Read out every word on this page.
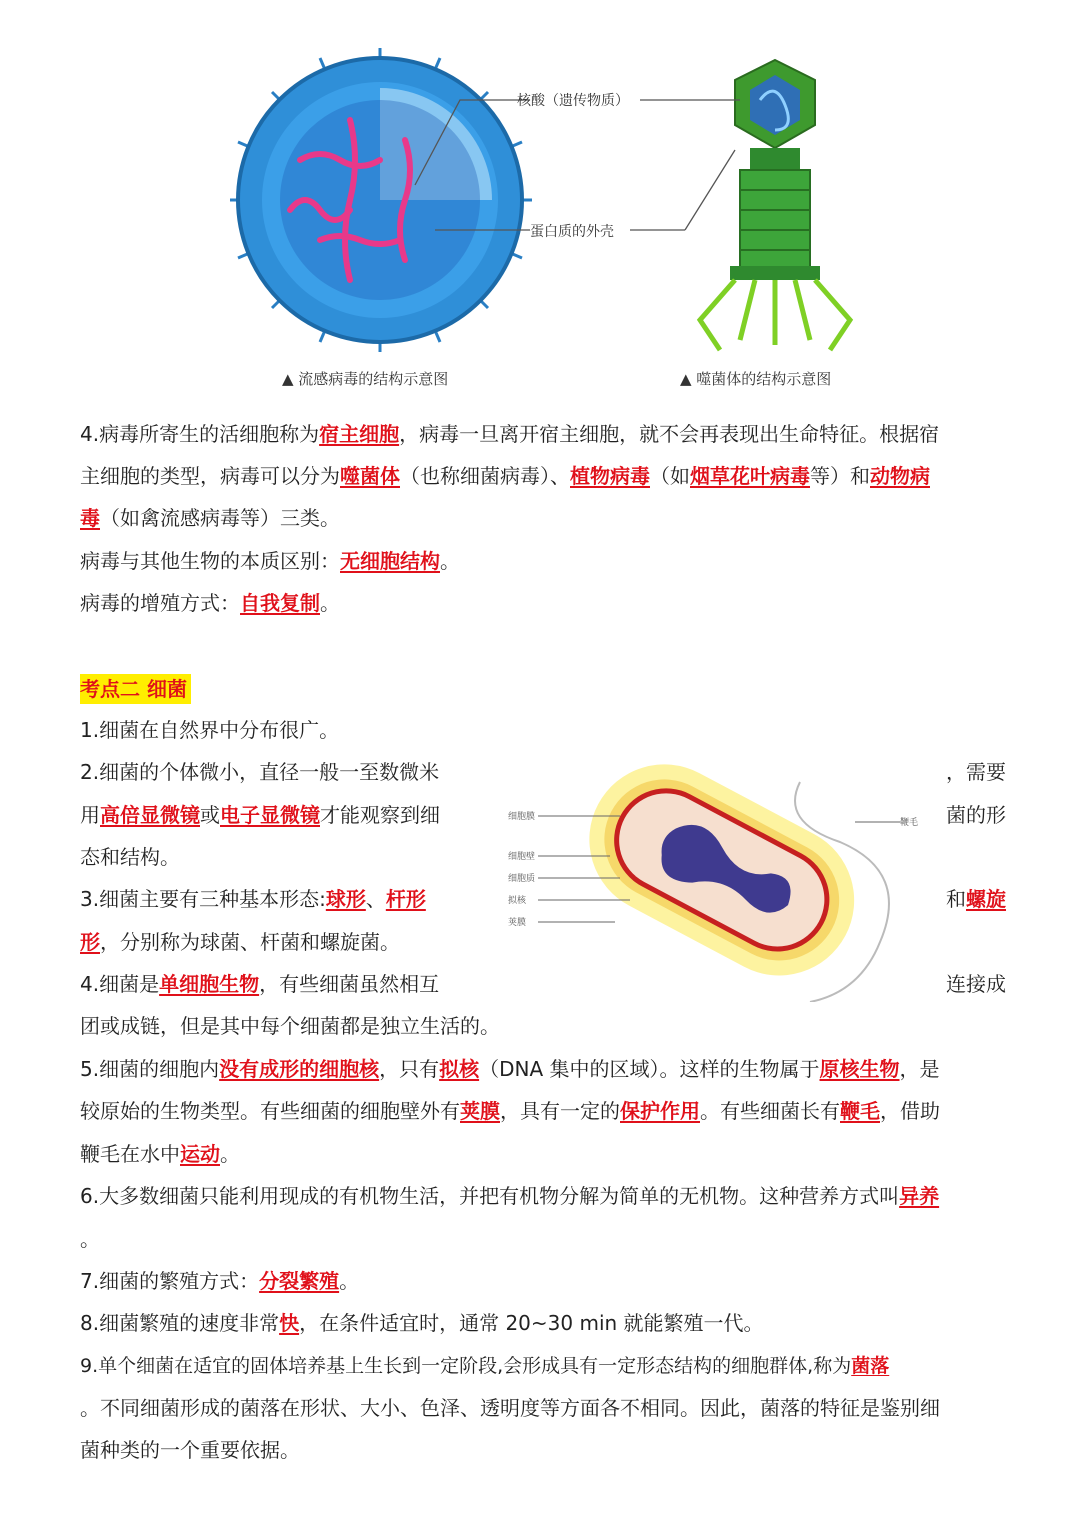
核酸（遗传物质）
蛋白质的外壳
▲ 流感病毒的结构示意图	▲ 噬菌体的结构示意图
4.病毒所寄生的活细胞称为宿主细胞，病毒一旦离开宿主细胞，就不会再表现出生命特征。根据宿
主细胞的类型，病毒可以分为噬菌体（也称细菌病毒）、植物病毒（如烟草花叶病毒等）和动物病
毒（如禽流感病毒等）三类。
病毒与其他生物的本质区别：无细胞结构。
病毒的增殖方式：自我复制。
考点二 细菌
1.细菌在自然界中分布很广。
细胞膜
细胞壁
细胞质
拟核
荚膜
鞭毛
2.细菌的个体微小，直径一般一至数微米	，需要
用高倍显微镜或电子显微镜才能观察到细	菌的形
态和结构。
3.细菌主要有三种基本形态:球形、杆形	和螺旋
形，分别称为球菌、杆菌和螺旋菌。
4.细菌是单细胞生物，有些细菌虽然相互	连接成
团或成链，但是其中每个细菌都是独立生活的。
5.细菌的细胞内没有成形的细胞核，只有拟核（DNA 集中的区域）。这样的生物属于原核生物，是
较原始的生物类型。有些细菌的细胞壁外有荚膜，具有一定的保护作用。有些细菌长有鞭毛，借助
鞭毛在水中运动。
6.大多数细菌只能利用现成的有机物生活，并把有机物分解为简单的无机物。这种营养方式叫异养
。
7.细菌的繁殖方式：分裂繁殖。
8.细菌繁殖的速度非常快，在条件适宜时，通常 20~30 min 就能繁殖一代。
9.单个细菌在适宜的固体培养基上生长到一定阶段,会形成具有一定形态结构的细胞群体,称为菌落
。不同细菌形成的菌落在形状、大小、色泽、透明度等方面各不相同。因此，菌落的特征是鉴别细
菌种类的一个重要依据。
